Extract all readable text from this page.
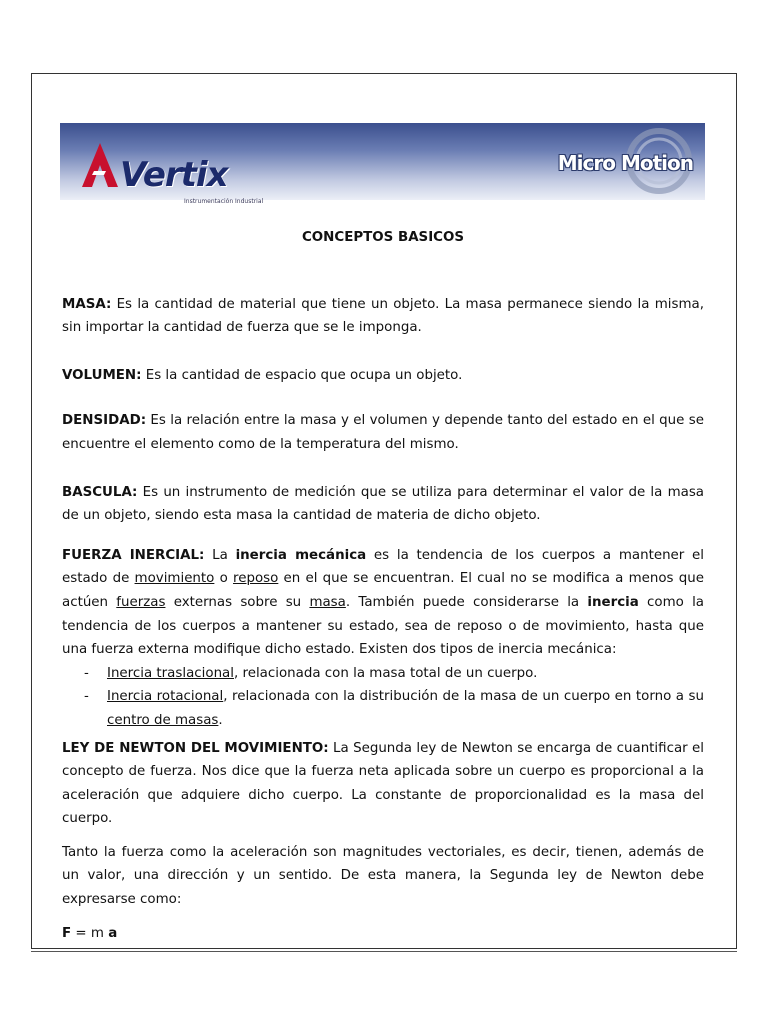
Vertix
Instrumentación Industrial
Micro Motion

CONCEPTOS BASICOS

MASA: Es la cantidad de material que tiene un objeto. La masa permanece siendo la misma, sin importar la cantidad de fuerza que se le imponga.

VOLUMEN: Es la cantidad de espacio que ocupa un objeto.

DENSIDAD: Es la relación entre la masa y el volumen y depende tanto del estado en el que se encuentre el elemento como de la temperatura del mismo.

BASCULA: Es un instrumento de medición que se utiliza para determinar el valor de la masa de un objeto, siendo esta masa la cantidad de materia de dicho objeto.

FUERZA INERCIAL: La inercia mecánica es la tendencia de los cuerpos a mantener el estado de movimiento o reposo en el que se encuentran. El cual no se modifica a menos que actúen fuerzas externas sobre su masa. También puede considerarse la inercia como la tendencia de los cuerpos a mantener su estado, sea de reposo o de movimiento, hasta que una fuerza externa modifique dicho estado. Existen dos tipos de inercia mecánica:

- Inercia traslacional, relacionada con la masa total de un cuerpo.
- Inercia rotacional, relacionada con la distribución de la masa de un cuerpo en torno a su centro de masas.

LEY DE NEWTON DEL MOVIMIENTO: La Segunda ley de Newton se encarga de cuantificar el concepto de fuerza. Nos dice que la fuerza neta aplicada sobre un cuerpo es proporcional a la aceleración que adquiere dicho cuerpo. La constante de proporcionalidad es la masa del cuerpo.

Tanto la fuerza como la aceleración son magnitudes vectoriales, es decir, tienen, además de un valor, una dirección y un sentido. De esta manera, la Segunda ley de Newton debe expresarse como:

F = m a
